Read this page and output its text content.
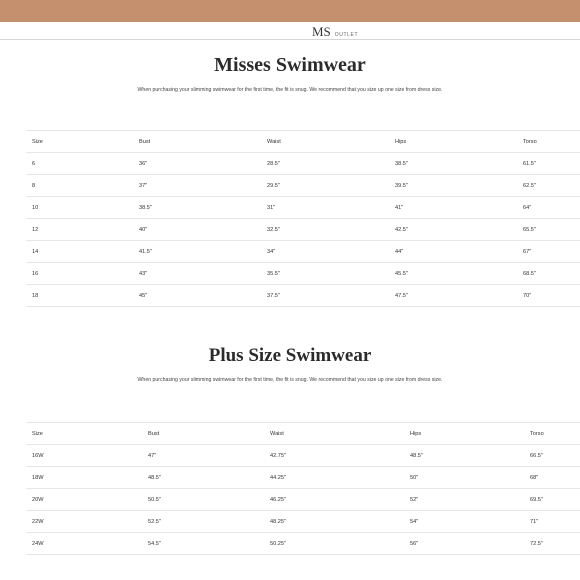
MS OUTLET
Misses Swimwear

When purchasing your slimming swimwear for the first time, the fit is snug. We recommend that you size up one size from dress size.

Size	Bust	Waist	Hips	Torso
6	36"	28.5"	38.5"	61.5"
8	37"	29.5"	39.5"	62.5"
10	38.5"	31"	41"	64"
12	40"	32.5"	42.5"	65.5"
14	41.5"	34"	44"	67"
16	43"	35.5"	45.5"	68.5"
18	45"	37.5"	47.5"	70"
Plus Size Swimwear

When purchasing your slimming swimwear for the first time, the fit is snug. We recommend that you size up one size from dress size.

Size	Bust	Waist	Hips	Torso
16W	47"	42.75"	48.5"	66.5"
18W	48.5"	44.25"	50"	68"
20W	50.5"	46.25"	52"	69.5"
22W	52.5"	48.25"	54"	71"
24W	54.5"	50.25"	56"	72.5"
